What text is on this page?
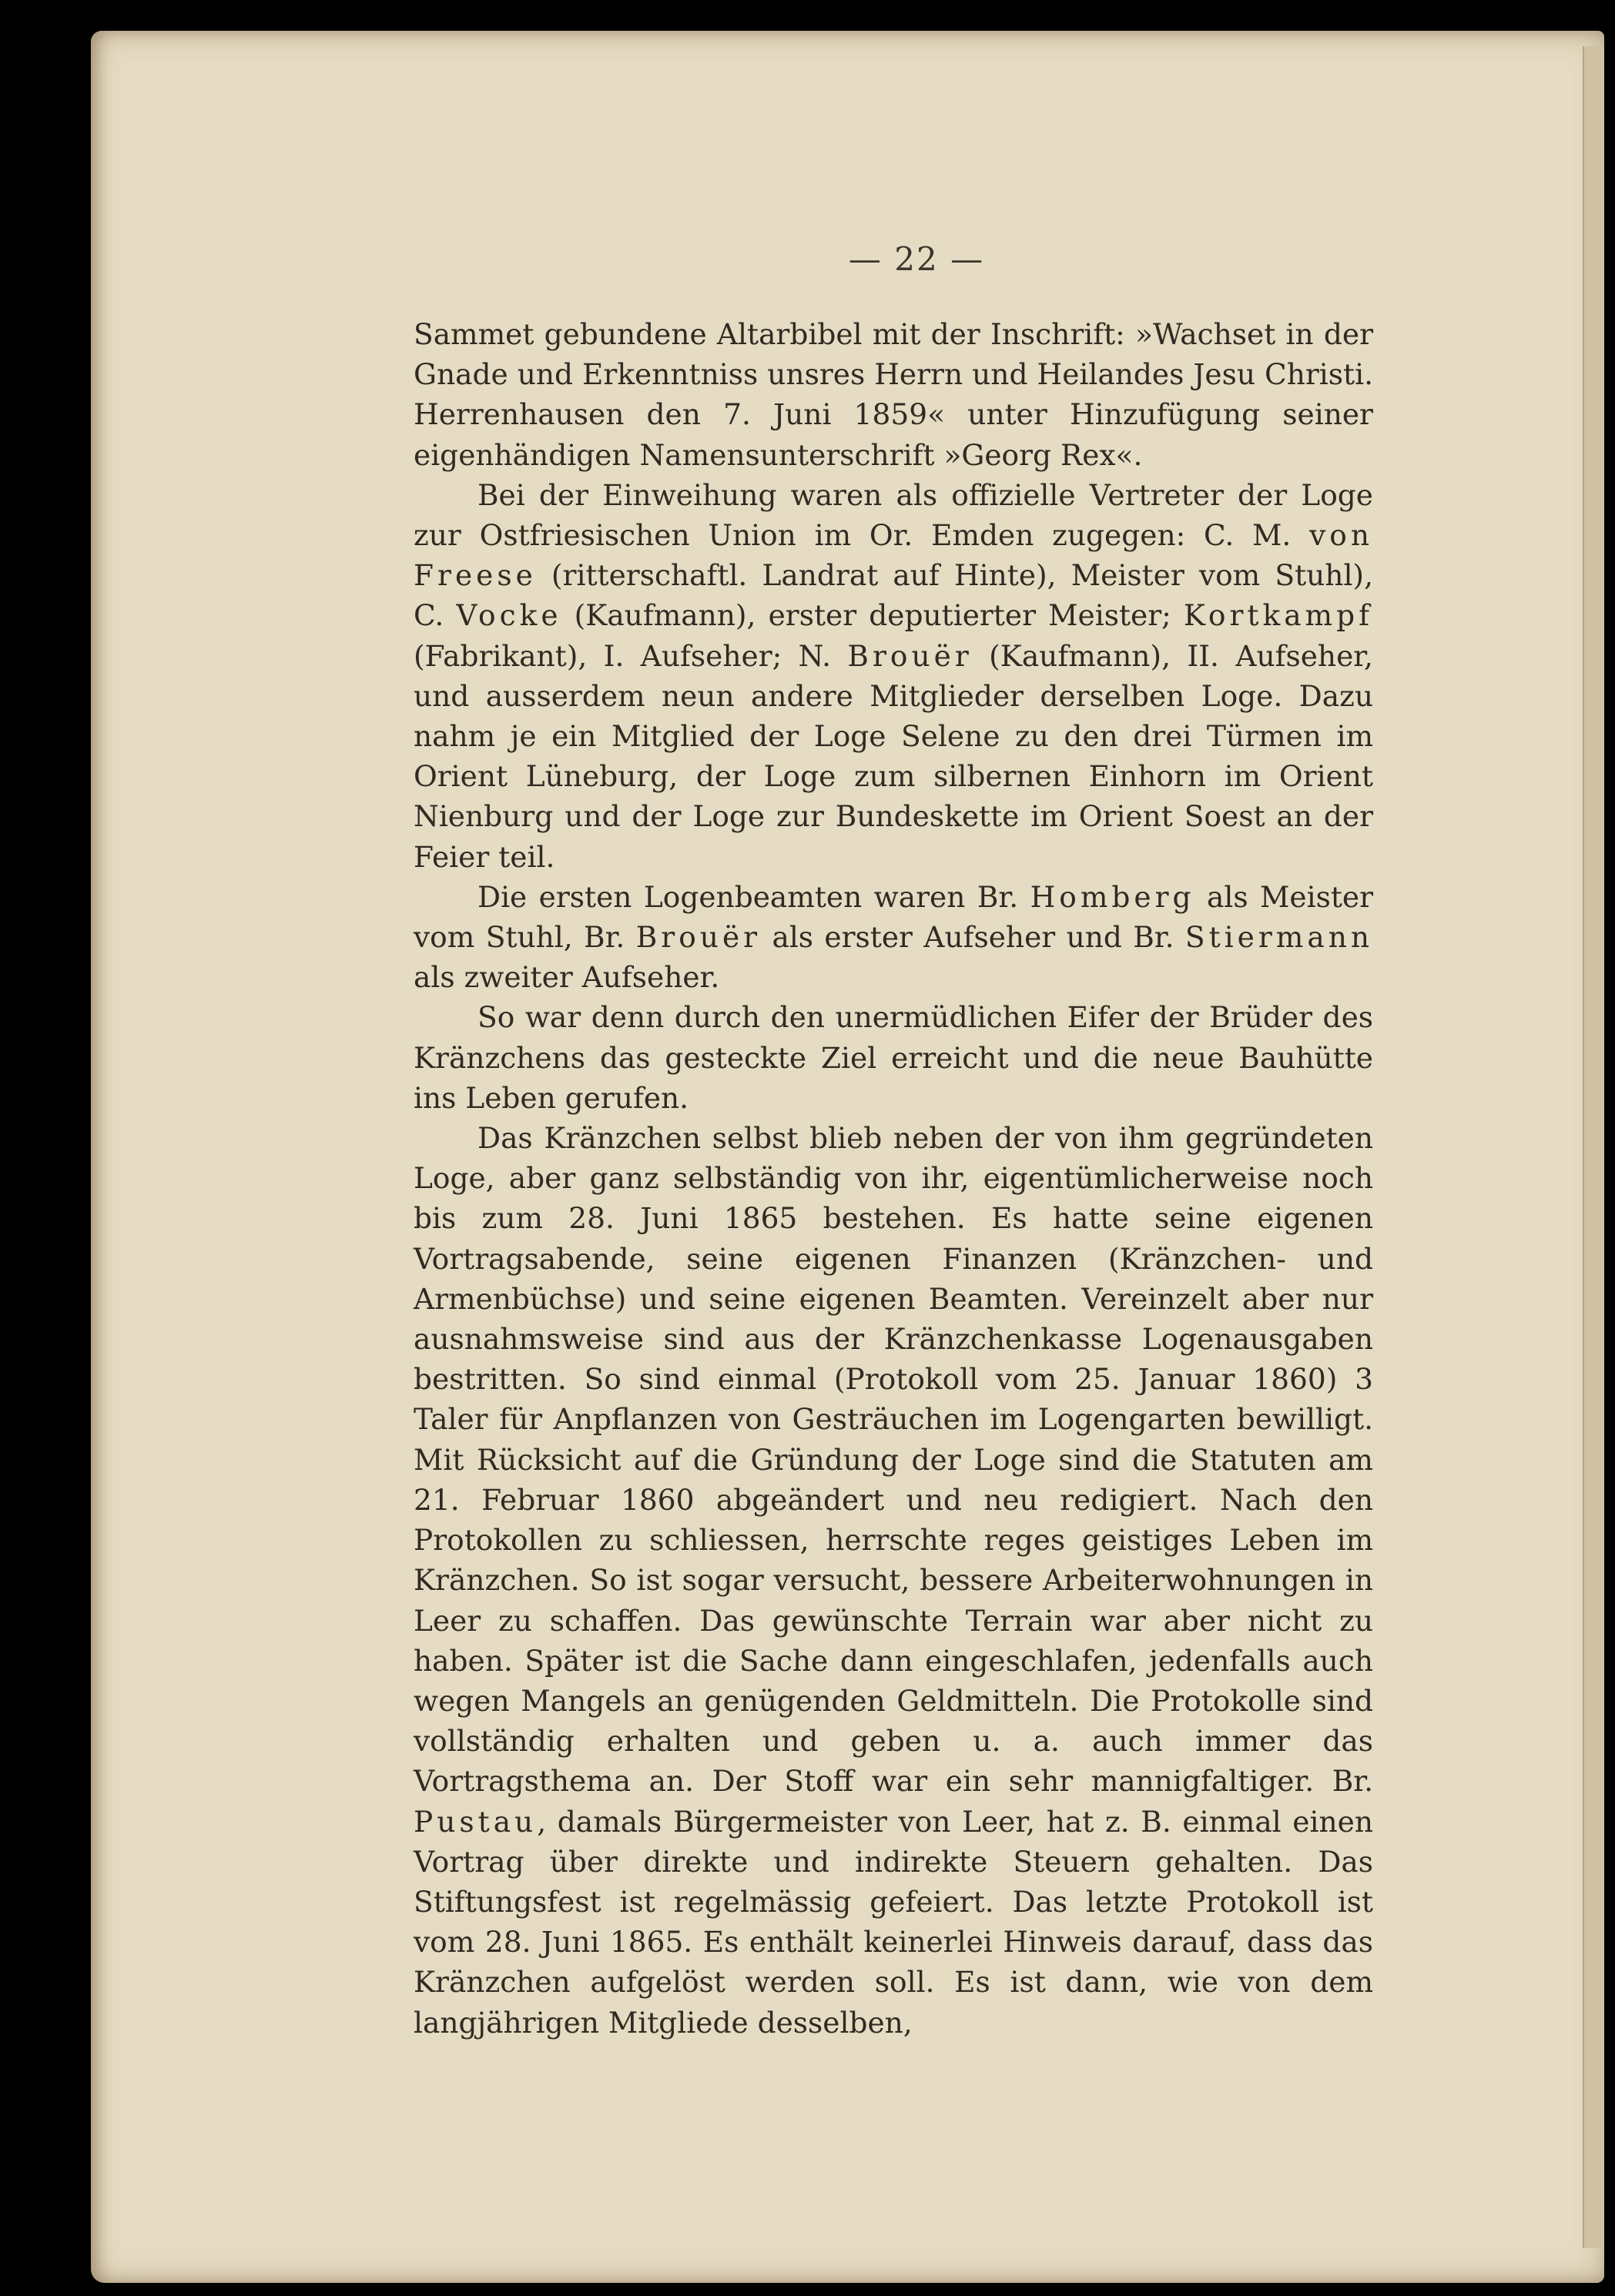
— 22 —

Sammet gebundene Altarbibel mit der Inschrift: »Wachset in der Gnade und Erkenntniss unsres Herrn und Heilandes Jesu Christi. Herrenhausen den 7. Juni 1859« unter Hinzufügung seiner eigenhändigen Namensunterschrift »Georg Rex«.

Bei der Einweihung waren als offizielle Vertreter der Loge zur Ostfriesischen Union im Or. Emden zugegen: C. M. von Freese (ritterschaftl. Landrat auf Hinte), Meister vom Stuhl), C. Vocke (Kaufmann), erster deputierter Meister; Kortkampf (Fabrikant), I. Aufseher; N. Brouër (Kaufmann), II. Aufseher, und ausserdem neun andere Mitglieder derselben Loge. Dazu nahm je ein Mitglied der Loge Selene zu den drei Türmen im Orient Lüneburg, der Loge zum silbernen Einhorn im Orient Nienburg und der Loge zur Bundeskette im Orient Soest an der Feier teil.

Die ersten Logenbeamten waren Br. Homberg als Meister vom Stuhl, Br. Brouër als erster Aufseher und Br. Stiermann als zweiter Aufseher.

So war denn durch den unermüdlichen Eifer der Brüder des Kränzchens das gesteckte Ziel erreicht und die neue Bauhütte ins Leben gerufen.

Das Kränzchen selbst blieb neben der von ihm gegründeten Loge, aber ganz selbständig von ihr, eigentümlicherweise noch bis zum 28. Juni 1865 bestehen. Es hatte seine eigenen Vortragsabende, seine eigenen Finanzen (Kränzchen- und Armenbüchse) und seine eigenen Beamten. Vereinzelt aber nur ausnahmsweise sind aus der Kränzchenkasse Logenausgaben bestritten. So sind einmal (Protokoll vom 25. Januar 1860) 3 Taler für Anpflanzen von Gesträuchen im Logengarten bewilligt. Mit Rücksicht auf die Gründung der Loge sind die Statuten am 21. Februar 1860 abgeändert und neu redigiert. Nach den Protokollen zu schliessen, herrschte reges geistiges Leben im Kränzchen. So ist sogar versucht, bessere Arbeiterwohnungen in Leer zu schaffen. Das gewünschte Terrain war aber nicht zu haben. Später ist die Sache dann eingeschlafen, jedenfalls auch wegen Mangels an genügenden Geldmitteln. Die Protokolle sind vollständig erhalten und geben u. a. auch immer das Vortragsthema an. Der Stoff war ein sehr mannigfaltiger. Br. Pustau, damals Bürgermeister von Leer, hat z. B. einmal einen Vortrag über direkte und indirekte Steuern gehalten. Das Stiftungsfest ist regelmässig gefeiert. Das letzte Protokoll ist vom 28. Juni 1865. Es enthält keinerlei Hinweis darauf, dass das Kränzchen aufgelöst werden soll. Es ist dann, wie von dem langjährigen Mitgliede desselben,
